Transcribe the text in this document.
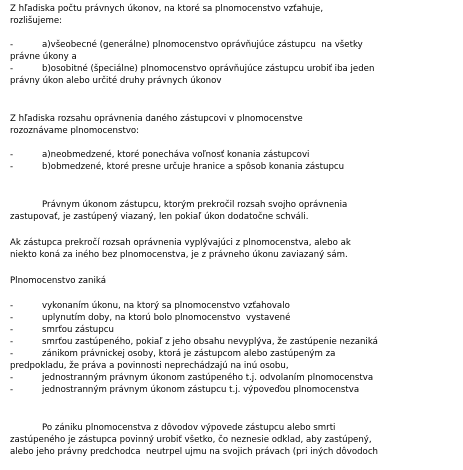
Z hľadiska počtu právnych úkonov, na ktoré sa plnomocenstvo vzťahuje,
rozlišujeme:
-	a)všeobecné (generálne) plnomocenstvo oprávňujúce zástupcu  na všetky
právne úkony a
-	b)osobitné (špeciálne) plnomocenstvo oprávňujúce zástupcu urobiť iba jeden
právny úkon alebo určité druhy právnych úkonov
Z hľadiska rozsahu oprávnenia daného zástupcovi v plnomocenstve
rozoznávame plnomocenstvo:
-	a)neobmedzené, ktoré ponecháva voľnosť konania zástupcovi
-	b)obmedzené, ktoré presne určuje hranice a spôsob konania zástupcu
Právnym úkonom zástupcu, ktorým prekročil rozsah svojho oprávnenia
zastupovať, je zastúpený viazaný, len pokiaľ úkon dodatočne schváli.
Ak zástupca prekročí rozsah oprávnenia vyplývajúci z plnomocenstva, alebo ak
niekto koná za iného bez plnomocenstva, je z právneho úkonu zaviazaný sám.
Plnomocenstvo zaniká
-	vykonaním úkonu, na ktorý sa plnomocenstvo vzťahovalo
-	uplynutím doby, na ktorú bolo plnomocenstvo  vystavené
-	smrťou zástupcu
-	smrťou zastúpeného, pokiaľ z jeho obsahu nevyplýva, že zastúpenie nezaniká
-	zánikom právnickej osoby, ktorá je zástupcom alebo zastúpeným za
predpokladu, že práva a povinnosti neprechádzajú na inú osobu,
-	jednostranným právnym úkonom zastúpeného t.j. odvolaním plnomocenstva
-	jednostranným právnym úkonom zástupcu t.j. výpoveďou plnomocenstva
Po zániku plnomocenstva z dôvodov výpovede zástupcu alebo smrti
zastúpeného je zástupca povinný urobiť všetko, čo neznesie odklad, aby zastúpený,
alebo jeho právny predchodca  neutrpel ujmu na svojich právach (pri iných dôvodoch
